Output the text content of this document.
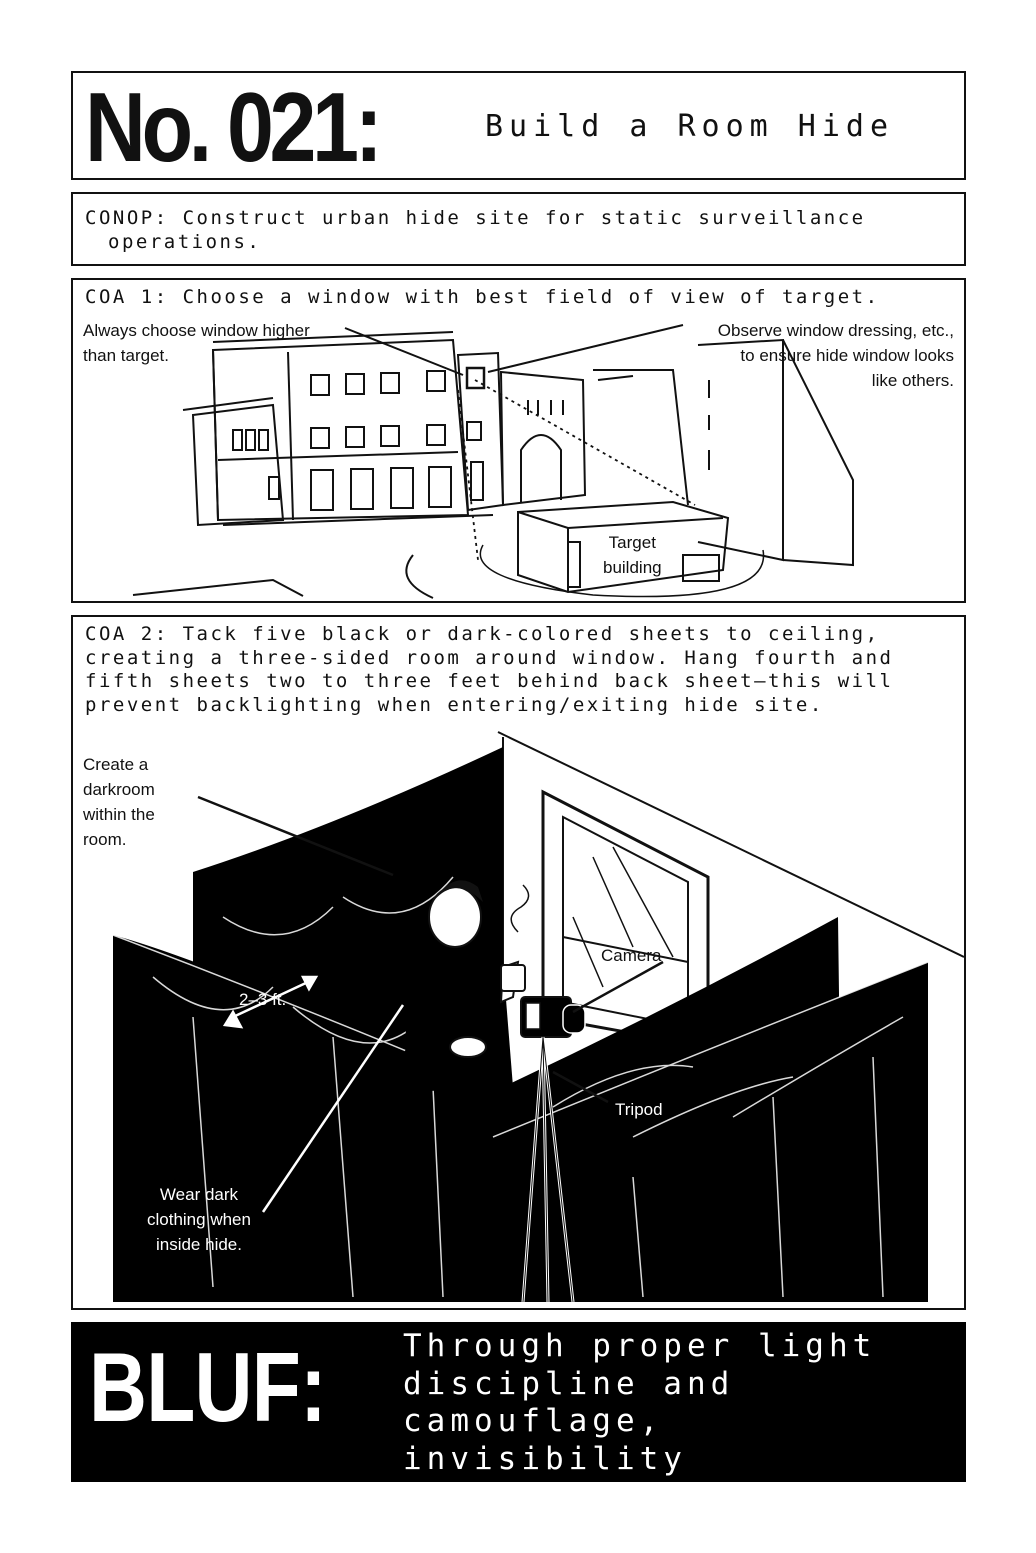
No. 021:	Build a Room Hide
CONOP: Construct urban hide site for static surveillance
operations.
COA 1: Choose a window with best field of view of target.
Always choose window higher
than target.
Observe window dressing, etc.,
to ensure hide window looks
like others.
Target
building
COA 2: Tack five black or dark-colored sheets to ceiling,
creating a three-sided room around window. Hang fourth and
fifth sheets two to three feet behind back sheet—this will
prevent backlighting when entering/exiting hide site.
Create a
darkroom
within the
room.
2–3 ft.
Camera
Tripod
Wear dark
clothing when
inside hide.
BLUF: Through proper light
discipline and
camouflage, invisibility
is achievable.
